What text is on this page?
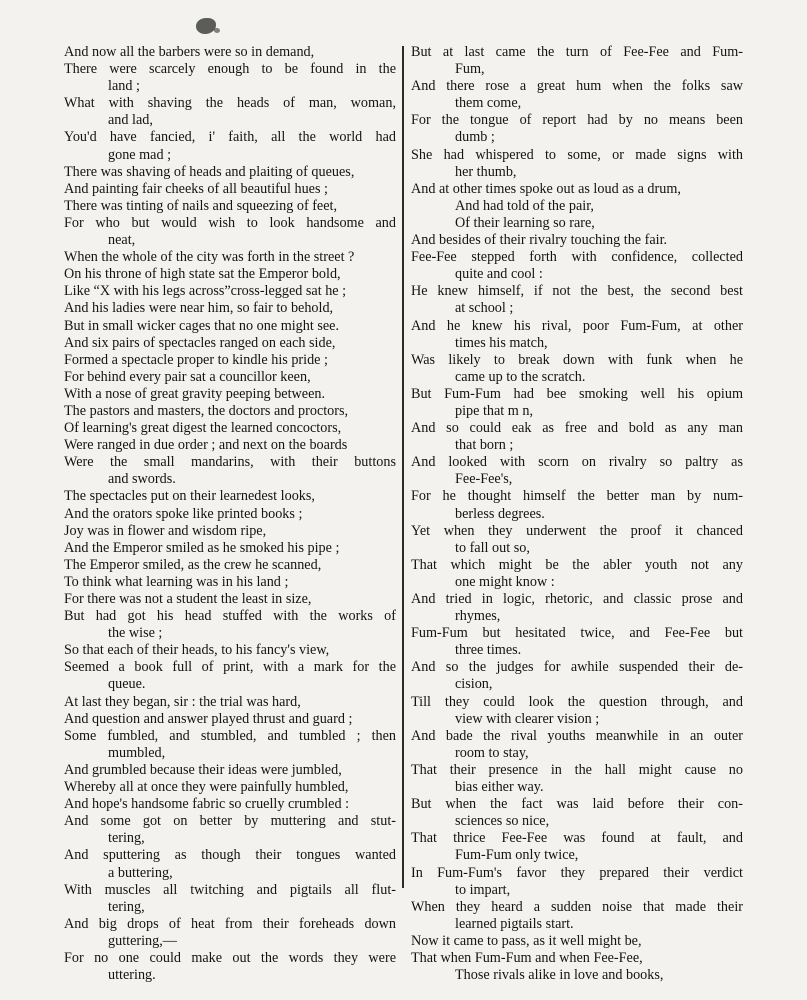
And now all the barbers were so in demand,
There were scarcely enough to be found in the
land ;
What with shaving the heads of man, woman,
and lad,
You'd have fancied, i' faith, all the world had
gone mad ;
There was shaving of heads and plaiting of queues,
And painting fair cheeks of all beautiful hues ;
There was tinting of nails and squeezing of feet,
For who but would wish to look handsome and
neat,
When the whole of the city was forth in the street ?
On his throne of high state sat the Emperor bold,
Like “X with his legs across”cross-legged sat he ;
And his ladies were near him, so fair to behold,
But in small wicker cages that no one might see.
And six pairs of spectacles ranged on each side,
Formed a spectacle proper to kindle his pride ;
For behind every pair sat a councillor keen,
With a nose of great gravity peeping between.
The pastors and masters, the doctors and proctors,
Of learning's great digest the learned concoctors,
Were ranged in due order ; and next on the boards
Were the small mandarins, with their buttons
and swords.
The spectacles put on their learnedest looks,
And the orators spoke like printed books ;
Joy was in flower and wisdom ripe,
And the Emperor smiled as he smoked his pipe ;
The Emperor smiled, as the crew he scanned,
To think what learning was in his land ;
For there was not a student the least in size,
But had got his head stuffed with the works of
the wise ;
So that each of their heads, to his fancy's view,
Seemed a book full of print, with a mark for the
queue.
At last they began, sir : the trial was hard,
And question and answer played thrust and guard ;
Some fumbled, and stumbled, and tumbled ; then
mumbled,
And grumbled because their ideas were jumbled,
Whereby all at once they were painfully humbled,
And hope's handsome fabric so cruelly crumbled :
And some got on better by muttering and stut-
tering,
And sputtering as though their tongues wanted
a buttering,
With muscles all twitching and pigtails all flut-
tering,
And big drops of heat from their foreheads down
guttering,—
For no one could make out the words they were
uttering.
But at last came the turn of Fee-Fee and Fum-
Fum,
And there rose a great hum when the folks saw
them come,
For the tongue of report had by no means been
dumb ;
She had whispered to some, or made signs with
her thumb,
And at other times spoke out as loud as a drum,
And had told of the pair,
Of their learning so rare,
And besides of their rivalry touching the fair.
Fee-Fee stepped forth with confidence, collected
quite and cool :
He knew himself, if not the best, the second best
at school ;
And he knew his rival, poor Fum-Fum, at other
times his match,
Was likely to break down with funk when he
came up to the scratch.
But Fum-Fum had bee smoking well his opium
pipe that m n,
And so could eak as free and bold as any man
that born ;
And looked with scorn on rivalry so paltry as
Fee-Fee's,
For he thought himself the better man by num-
berless degrees.
Yet when they underwent the proof it chanced
to fall out so,
That which might be the abler youth not any
one might know :
And tried in logic, rhetoric, and classic prose and
rhymes,
Fum-Fum but hesitated twice, and Fee-Fee but
three times.
And so the judges for awhile suspended their de-
cision,
Till they could look the question through, and
view with clearer vision ;
And bade the rival youths meanwhile in an outer
room to stay,
That their presence in the hall might cause no
bias either way.
But when the fact was laid before their con-
sciences so nice,
That thrice Fee-Fee was found at fault, and
Fum-Fum only twice,
In Fum-Fum's favor they prepared their verdict
to impart,
When they heard a sudden noise that made their
learned pigtails start.
Now it came to pass, as it well might be,
That when Fum-Fum and when Fee-Fee,
Those rivals alike in love and books,
